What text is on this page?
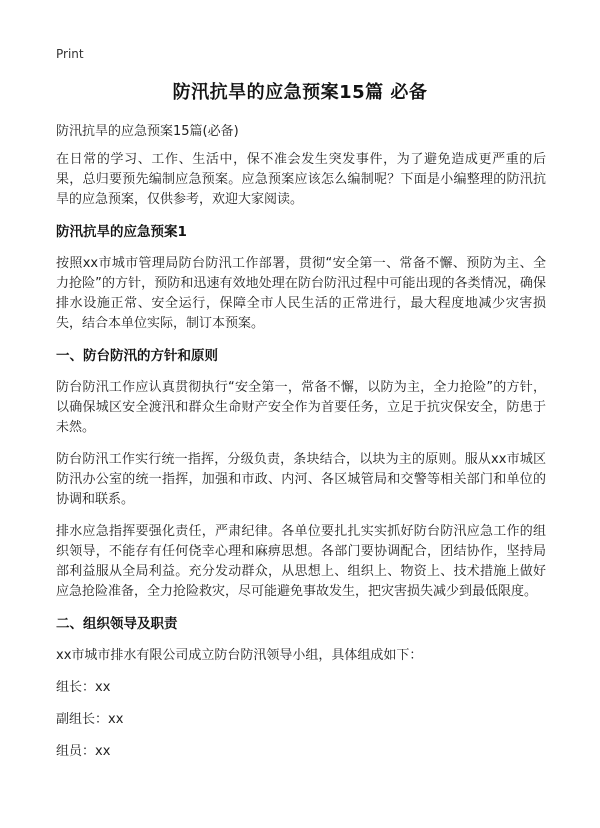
Print
防汛抗旱的应急预案15篇 必备
防汛抗旱的应急预案15篇(必备)

在日常的学习、工作、生活中，保不准会发生突发事件，为了避免造成更严重的后果，总归要预先编制应急预案。应急预案应该怎么编制呢？下面是小编整理的防汛抗旱的应急预案，仅供参考，欢迎大家阅读。

防汛抗旱的应急预案1

按照xx市城市管理局防台防汛工作部署，贯彻“安全第一、常备不懈、预防为主、全力抢险”的方针，预防和迅速有效地处理在防台防汛过程中可能出现的各类情况，确保排水设施正常、安全运行，保障全市人民生活的正常进行，最大程度地减少灾害损失，结合本单位实际，制订本预案。

一、防台防汛的方针和原则

防台防汛工作应认真贯彻执行“安全第一，常备不懈，以防为主，全力抢险”的方针，以确保城区安全渡汛和群众生命财产安全作为首要任务，立足于抗灾保安全，防患于未然。

防台防汛工作实行统一指挥，分级负责，条块结合，以块为主的原则。服从xx市城区防汛办公室的统一指挥，加强和市政、内河、各区城管局和交警等相关部门和单位的协调和联系。

排水应急指挥要强化责任，严肃纪律。各单位要扎扎实实抓好防台防汛应急工作的组织领导，不能存有任何侥幸心理和麻痹思想。各部门要协调配合，团结协作，坚持局部利益服从全局利益。充分发动群众，从思想上、组织上、物资上、技术措施上做好应急抢险准备，全力抢险救灾，尽可能避免事故发生，把灾害损失减少到最低限度。

二、组织领导及职责

xx市城市排水有限公司成立防台防汛领导小组，具体组成如下：

组长：xx

副组长：xx

组员：xx
